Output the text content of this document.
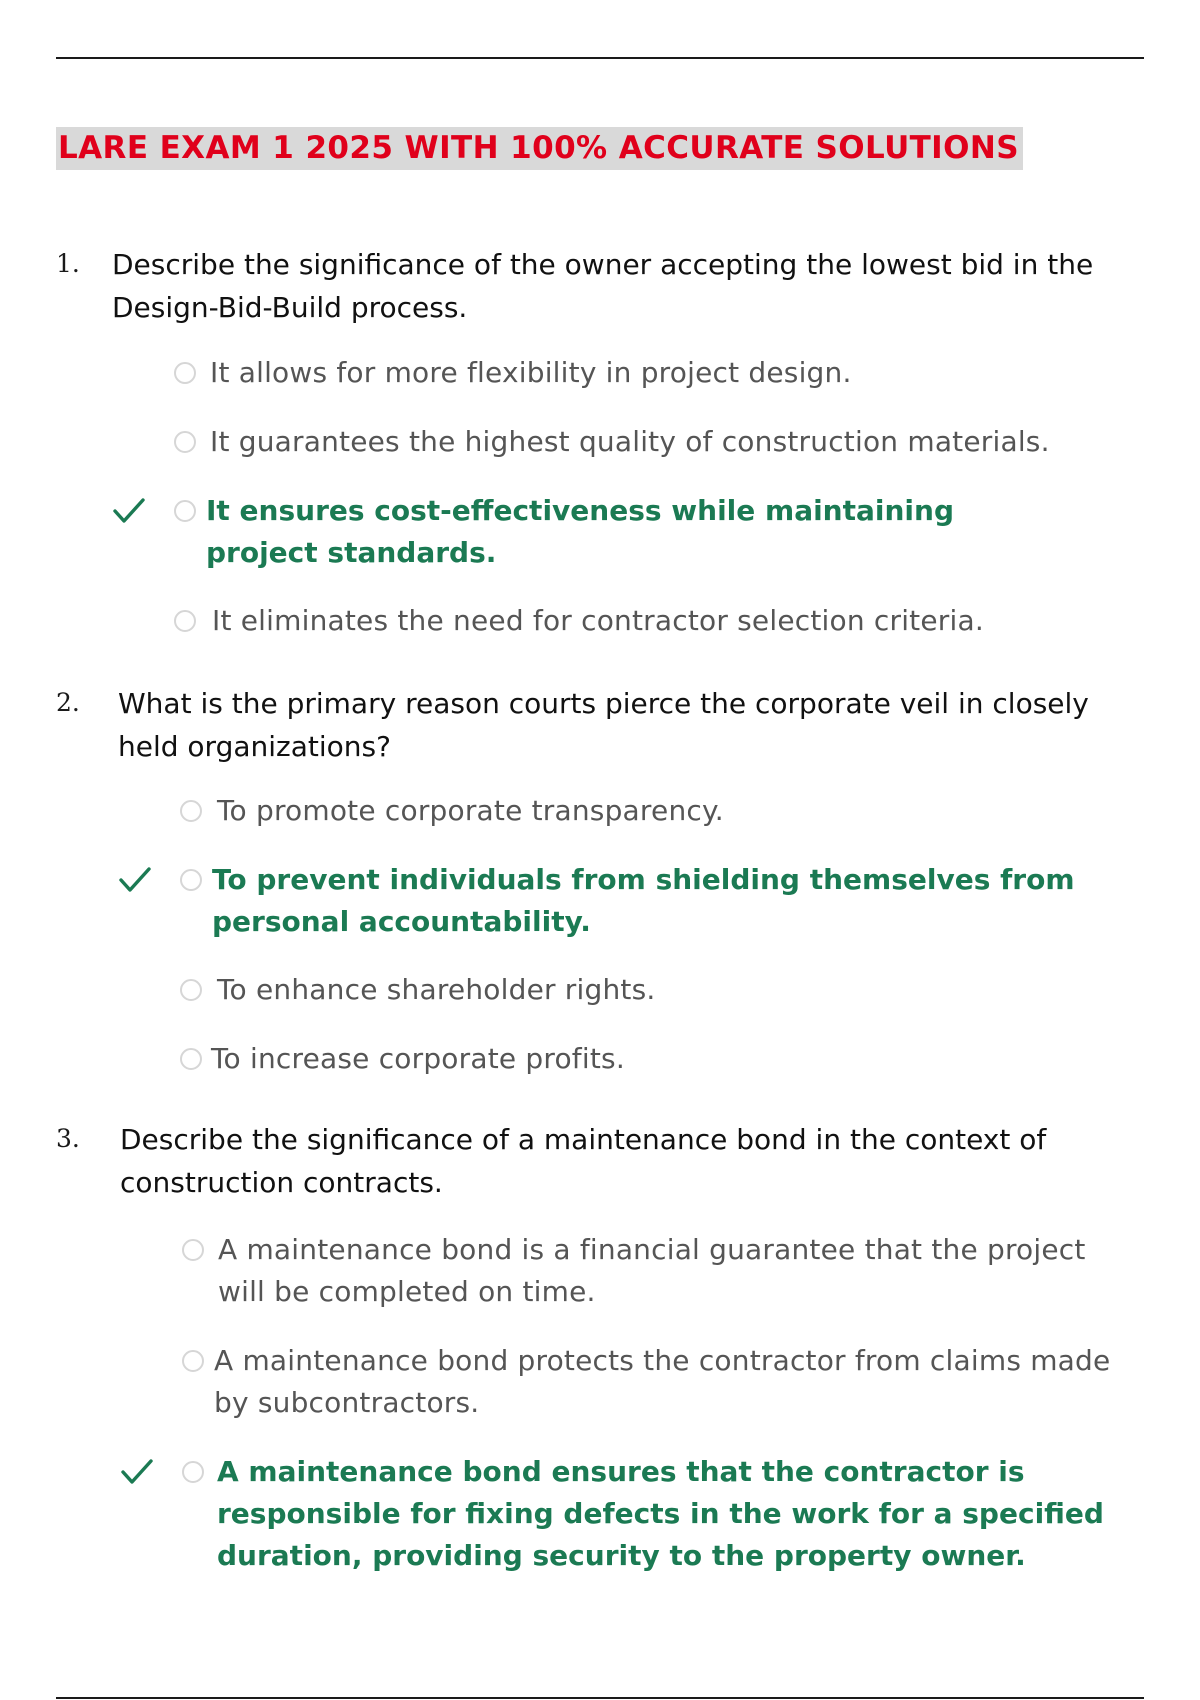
LARE EXAM 1 2025 WITH 100% ACCURATE SOLUTIONS
1. Describe the significance of the owner accepting the lowest bid in the Design-Bid-Build process.
It allows for more flexibility in project design.
It guarantees the highest quality of construction materials.
It ensures cost-effectiveness while maintaining project standards.
It eliminates the need for contractor selection criteria.
2. What is the primary reason courts pierce the corporate veil in closely held organizations?
To promote corporate transparency.
To prevent individuals from shielding themselves from personal accountability.
To enhance shareholder rights.
To increase corporate profits.
3. Describe the significance of a maintenance bond in the context of construction contracts.
A maintenance bond is a financial guarantee that the project will be completed on time.
A maintenance bond protects the contractor from claims made by subcontractors.
A maintenance bond ensures that the contractor is responsible for fixing defects in the work for a specified duration, providing security to the property owner.
